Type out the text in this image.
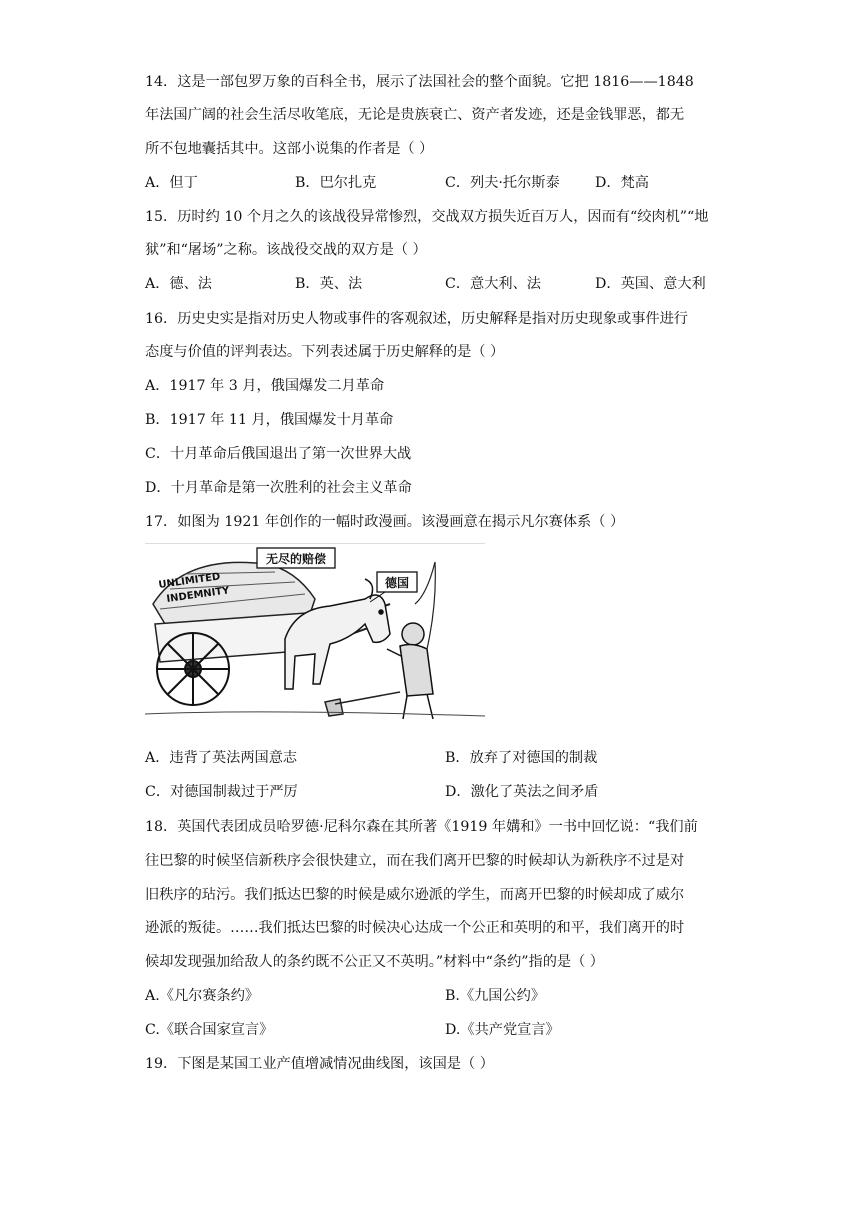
14．这是一部包罗万象的百科全书，展示了法国社会的整个面貌。它把 1816——1848
年法国广阔的社会生活尽收笔底，无论是贵族衰亡、资产者发迹，还是金钱罪恶，都无
所不包地囊括其中。这部小说集的作者是（ ）
A．但丁	B．巴尔扎克	C．列夫·托尔斯泰 D．梵高
15．历时约 10 个月之久的该战役异常惨烈，交战双方损失近百万人，因而有“绞肉机”“地
狱”和“屠场”之称。该战役交战的双方是（ ）
A．德、法	B．英、法	C．意大利、法	D．英国、意大利
16．历史史实是指对历史人物或事件的客观叙述，历史解释是指对历史现象或事件进行
态度与价值的评判表达。下列表述属于历史解释的是（ ）
A．1917 年 3 月，俄国爆发二月革命
B．1917 年 11 月，俄国爆发十月革命
C．十月革命后俄国退出了第一次世界大战
D．十月革命是第一次胜利的社会主义革命
17．如图为 1921 年创作的一幅时政漫画。该漫画意在揭示凡尔赛体系（ ）
UNLIMITED
INDEMNITY
无尽的赔偿
德国
A．违背了英法两国意志	B．放弃了对德国的制裁
C．对德国制裁过于严厉	D．激化了英法之间矛盾
18．英国代表团成员哈罗德·尼科尔森在其所著《1919 年媾和》一书中回忆说：“我们前
往巴黎的时候坚信新秩序会很快建立，而在我们离开巴黎的时候却认为新秩序不过是对
旧秩序的玷污。我们抵达巴黎的时候是威尔逊派的学生，而离开巴黎的时候却成了威尔
逊派的叛徒。……我们抵达巴黎的时候决心达成一个公正和英明的和平，我们离开的时
候却发现强加给敌人的条约既不公正又不英明。”材料中“条约”指的是（ ）
A.《凡尔赛条约》	B.《九国公约》
C.《联合国家宣言》	D.《共产党宣言》
19．下图是某国工业产值增减情况曲线图，该国是（ ）
